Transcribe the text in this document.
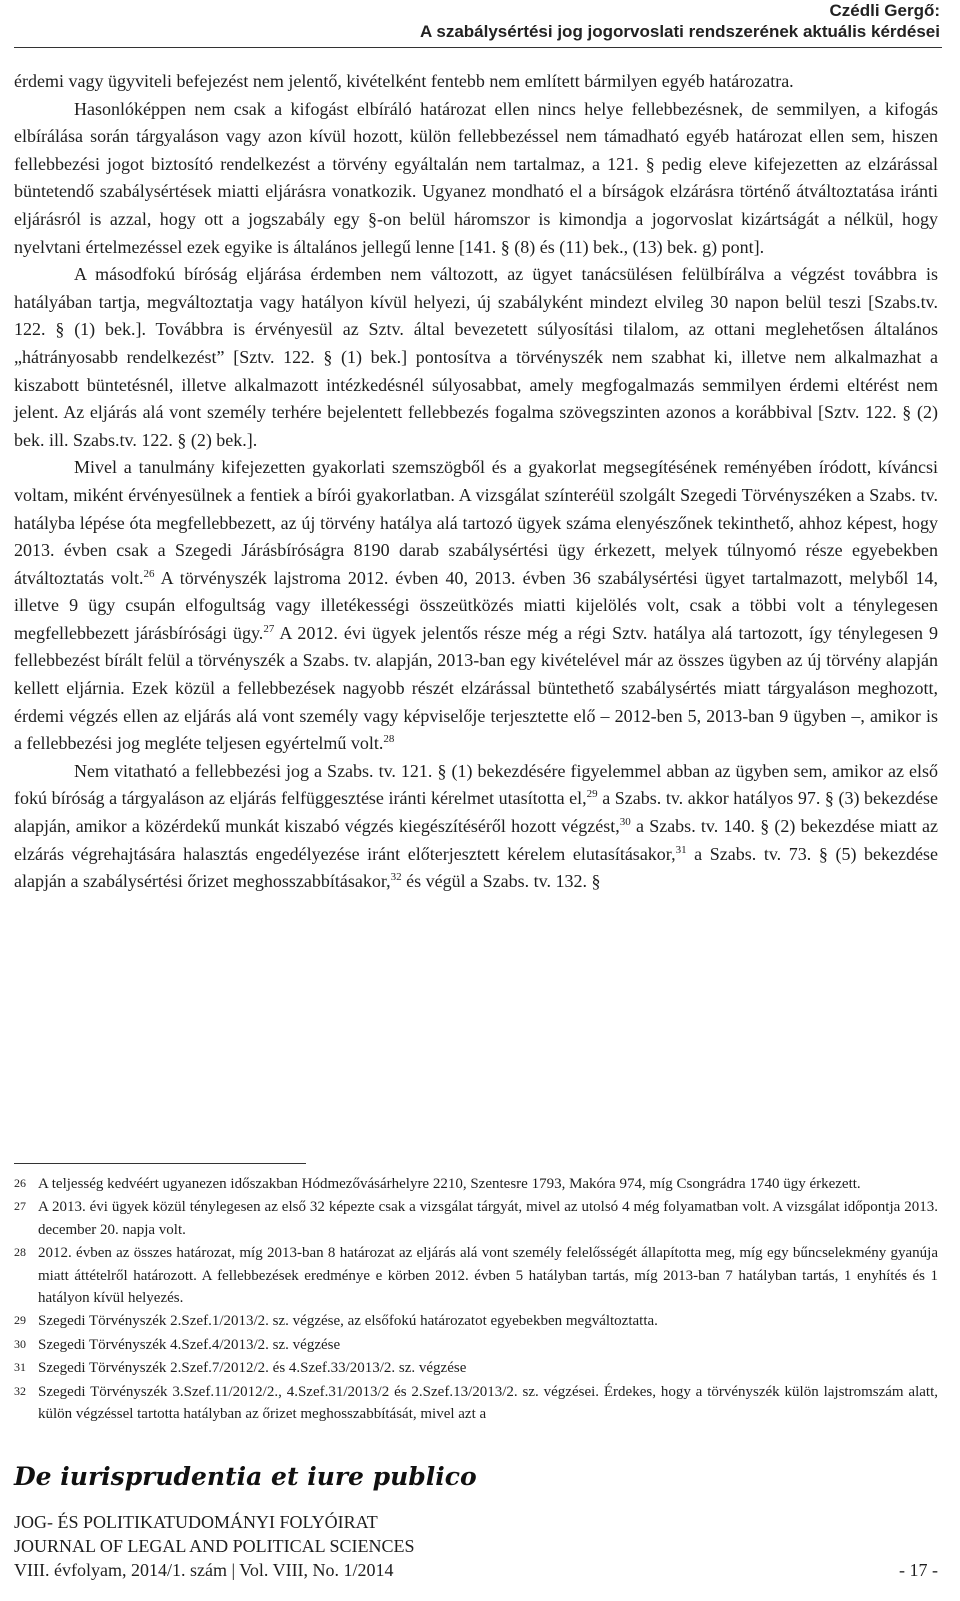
Czédli Gergő:
A szabálysértési jog jogorvoslati rendszerének aktuális kérdései

érdemi vagy ügyviteli befejezést nem jelentő, kivételként fentebb nem említett bármilyen egyéb határozatra.

Hasonlóképpen nem csak a kifogást elbíráló határozat ellen nincs helye fellebbezésnek, de semmilyen, a kifogás elbírálása során tárgyaláson vagy azon kívül hozott, külön fellebbezéssel nem támadható egyéb határozat ellen sem, hiszen fellebbezési jogot biztosító rendelkezést a törvény egyáltalán nem tartalmaz, a 121. § pedig eleve kifejezetten az elzárással büntetendő szabálysértések miatti eljárásra vonatkozik. Ugyanez mondható el a bírságok elzárásra történő átváltoztatása iránti eljárásról is azzal, hogy ott a jogszabály egy §-on belül háromszor is kimondja a jogorvoslat kizártságát a nélkül, hogy nyelvtani értelmezéssel ezek egyike is általános jellegű lenne [141. § (8) és (11) bek., (13) bek. g) pont].

A másodfokú bíróság eljárása érdemben nem változott, az ügyet tanácsülésen felülbírálva a végzést továbbra is hatályában tartja, megváltoztatja vagy hatályon kívül helyezi, új szabályként mindezt elvileg 30 napon belül teszi [Szabs.tv. 122. § (1) bek.]. Továbbra is érvényesül az Sztv. által bevezetett súlyosítási tilalom, az ottani meglehetősen általános „hátrányosabb rendelkezést” [Sztv. 122. § (1) bek.] pontosítva a törvényszék nem szabhat ki, illetve nem alkalmazhat a kiszabott büntetésnél, illetve alkalmazott intézkedésnél súlyosabbat, amely megfogalmazás semmilyen érdemi eltérést nem jelent. Az eljárás alá vont személy terhére bejelentett fellebbezés fogalma szövegszinten azonos a korábbival [Sztv. 122. § (2) bek. ill. Szabs.tv. 122. § (2) bek.].

Mivel a tanulmány kifejezetten gyakorlati szemszögből és a gyakorlat megsegítésének reményében íródott, kíváncsi voltam, miként érvényesülnek a fentiek a bírói gyakorlatban. A vizsgálat színteréül szolgált Szegedi Törvényszéken a Szabs. tv. hatályba lépése óta megfellebbezett, az új törvény hatálya alá tartozó ügyek száma elenyészőnek tekinthető, ahhoz képest, hogy 2013. évben csak a Szegedi Járásbíróságra 8190 darab szabálysértési ügy érkezett, melyek túlnyomó része egyebekben átváltoztatás volt.$^{26}$ A törvényszék lajstroma 2012. évben 40, 2013. évben 36 szabálysértési ügyet tartalmazott, melyből 14, illetve 9 ügy csupán elfogultság vagy illetékességi összeütközés miatti kijelölés volt, csak a többi volt a ténylegesen megfellebbezett járásbírósági ügy.$^{27}$ A 2012. évi ügyek jelentős része még a régi Sztv. hatálya alá tartozott, így ténylegesen 9 fellebbezést bírált felül a törvényszék a Szabs. tv. alapján, 2013-ban egy kivételével már az összes ügyben az új törvény alapján kellett eljárnia. Ezek közül a fellebbezések nagyobb részét elzárással büntethető szabálysértés miatt tárgyaláson meghozott, érdemi végzés ellen az eljárás alá vont személy vagy képviselője terjesztette elő – 2012-ben 5, 2013-ban 9 ügyben –, amikor is a fellebbezési jog megléte teljesen egyértelmű volt.$^{28}$

Nem vitatható a fellebbezési jog a Szabs. tv. 121. § (1) bekezdésére figyelemmel abban az ügyben sem, amikor az első fokú bíróság a tárgyaláson az eljárás felfüggesztése iránti kérelmet utasította el,$^{29}$ a Szabs. tv. akkor hatályos 97. § (3) bekezdése alapján, amikor a közérdekű munkát kiszabó végzés kiegészítéséről hozott végzést,$^{30}$ a Szabs. tv. 140. § (2) bekezdése miatt az elzárás végrehajtására halasztás engedélyezése iránt előterjesztett kérelem elutasításakor,$^{31}$ a Szabs. tv. 73. § (5) bekezdése alapján a szabálysértési őrizet meghosszabbításakor,$^{32}$ és végül a Szabs. tv. 132. §

26 A teljesség kedvéért ugyanezen időszakban Hódmezővásárhelyre 2210, Szentesre 1793, Makóra 974, míg Csongrádra 1740 ügy érkezett.
27 A 2013. évi ügyek közül ténylegesen az első 32 képezte csak a vizsgálat tárgyát, mivel az utolsó 4 még folyamatban volt. A vizsgálat időpontja 2013. december 20. napja volt.
28 2012. évben az összes határozat, míg 2013-ban 8 határozat az eljárás alá vont személy felelősségét állapította meg, míg egy bűncselekmény gyanúja miatt áttételről határozott. A fellebbezések eredménye e körben 2012. évben 5 hatályban tartás, míg 2013-ban 7 hatályban tartás, 1 enyhítés és 1 hatályon kívül helyezés.
29 Szegedi Törvényszék 2.Szef.1/2013/2. sz. végzése, az elsőfokú határozatot egyebekben megváltoztatta.
30 Szegedi Törvényszék 4.Szef.4/2013/2. sz. végzése
31 Szegedi Törvényszék 2.Szef.7/2012/2. és 4.Szef.33/2013/2. sz. végzése
32 Szegedi Törvényszék 3.Szef.11/2012/2., 4.Szef.31/2013/2 és 2.Szef.13/2013/2. sz. végzései. Érdekes, hogy a törvényszék külön lajstromszám alatt, külön végzéssel tartotta hatályban az őrizet meghosszabbítását, mivel azt a
De iurisprudentia et iure publico
JOG- ÉS POLITIKATUDOMÁNYI FOLYÓIRAT
JOURNAL OF LEGAL AND POLITICAL SCIENCES
VIII. évfolyam, 2014/1. szám | Vol. VIII, No. 1/2014	- 17 -
